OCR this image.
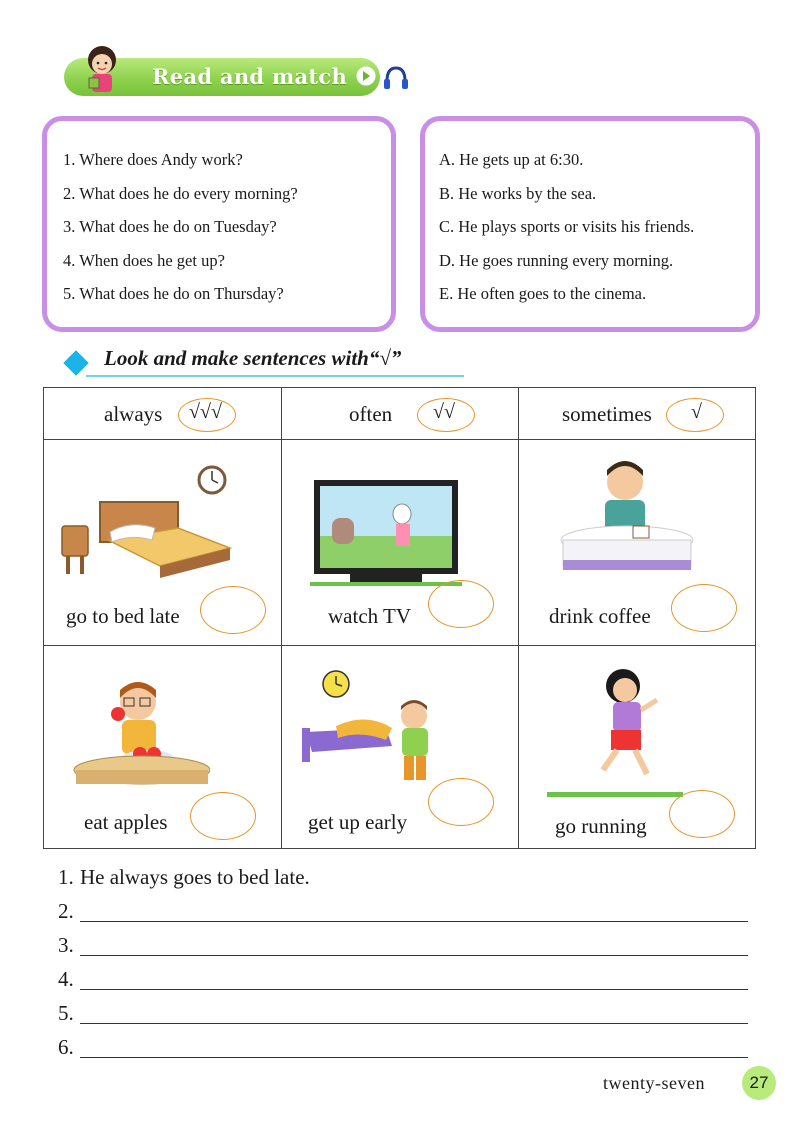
Read and match
1. Where does Andy work?
2. What does he do every morning?
3. What does he do on Tuesday?
4. When does he get up?
5. What does he do on Thursday?
A. He gets up at 6:30.
B. He works by the sea.
C. He plays sports or visits his friends.
D. He goes running every morning.
E. He often goes to the cinema.
Look and make sentences with“√”
always √√√	often √√	sometimes √
go to bed late	watch TV	drink coffee
eat apples	get up early	go running
1. He always goes to bed late.
2.
3.
4.
5.
6.
twenty-seven	27
